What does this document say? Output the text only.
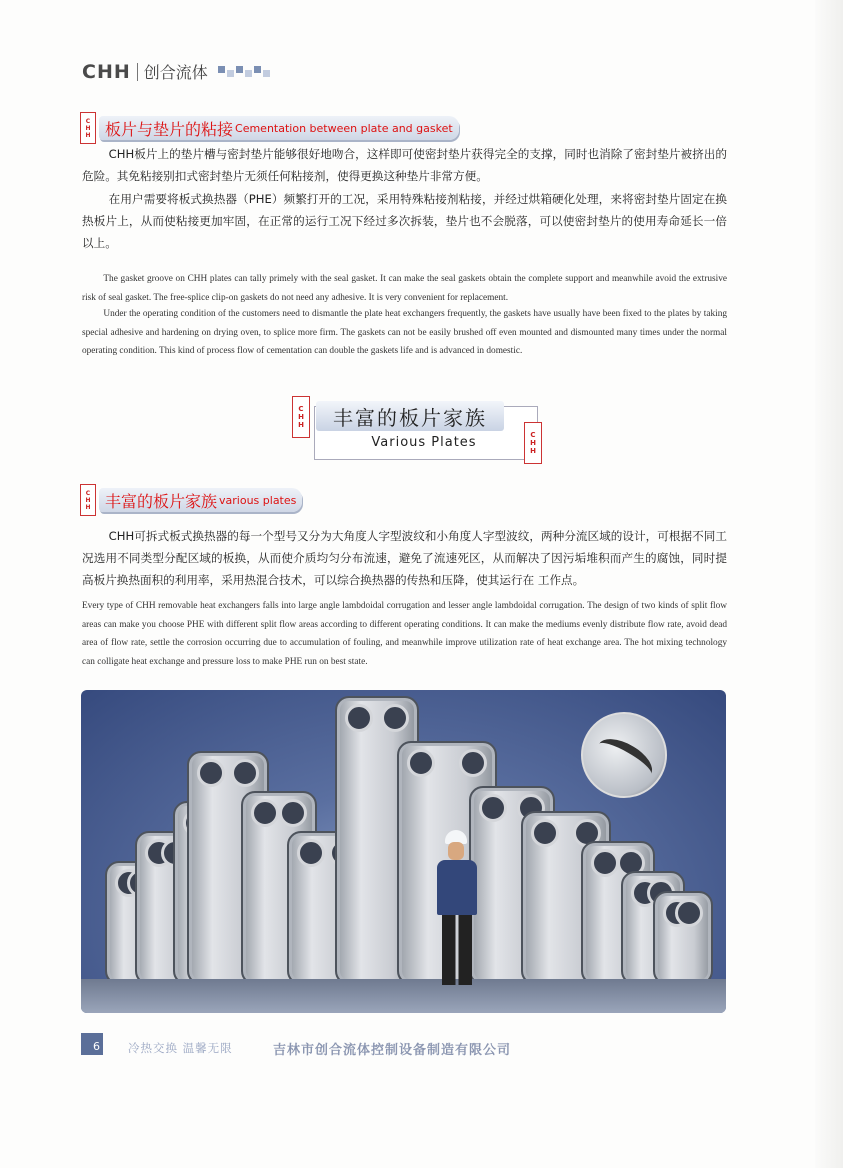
CHH 创合流体
C
H
H 板片与垫片的粘接 Cementation between plate and gasket

CHH板片上的垫片槽与密封垫片能够很好地吻合，这样即可使密封垫片获得完全的支撑，同时也消除了密封垫片被挤出的危险。其免粘接别扣式密封垫片无须任何粘接剂，使得更换这种垫片非常方便。

在用户需要将板式换热器（PHE）频繁打开的工况，采用特殊粘接剂粘接，并经过烘箱硬化处理，来将密封垫片固定在换热板片上，从而使粘接更加牢固，在正常的运行工况下经过多次拆装，垫片也不会脱落，可以使密封垫片的使用寿命延长一倍以上。

The gasket groove on CHH plates can tally primely with the seal gasket. It can make the seal gaskets obtain the complete support and meanwhile avoid the extrusive risk of seal gasket. The free-splice clip-on gaskets do not need any adhesive. It is very convenient for replacement.

Under the operating condition of the customers need to dismantle the plate heat exchangers frequently, the gaskets have usually have been fixed to the plates by taking special adhesive and hardening on drying oven, to splice more firm. The gaskets can not be easily brushed off even mounted and dismounted many times under the normal operating condition. This kind of process flow of cementation can double the gaskets life and is advanced in domestic.

C
H
H	丰富的板片家族
Various Plates	C
H
H
C
H
H 丰富的板片家族 various plates

CHH可拆式板式换热器的每一个型号又分为大角度人字型波纹和小角度人字型波纹，两种分流区域的设计，可根据不同工况选用不同类型分配区域的板换，从而使介质均匀分布流速，避免了流速死区，从而解决了因污垢堆积而产生的腐蚀，同时提高板片换热面积的利用率，采用热混合技术，可以综合换热器的传热和压降，使其运行在 工作点。

Every type of CHH removable heat exchangers falls into large angle lambdoidal corrugation and lesser angle lambdoidal corrugation. The design of two kinds of split flow areas can make you choose PHE with different split flow areas according to different operating conditions. It can make the mediums evenly distribute flow rate, avoid dead area of flow rate, settle the corrosion occurring due to accumulation of fouling, and meanwhile improve utilization rate of heat exchange area. The hot mixing technology can colligate heat exchange and pressure loss to make PHE run on best state.

6 冷热交换 温馨无限	吉林市创合流体控制设备制造有限公司
